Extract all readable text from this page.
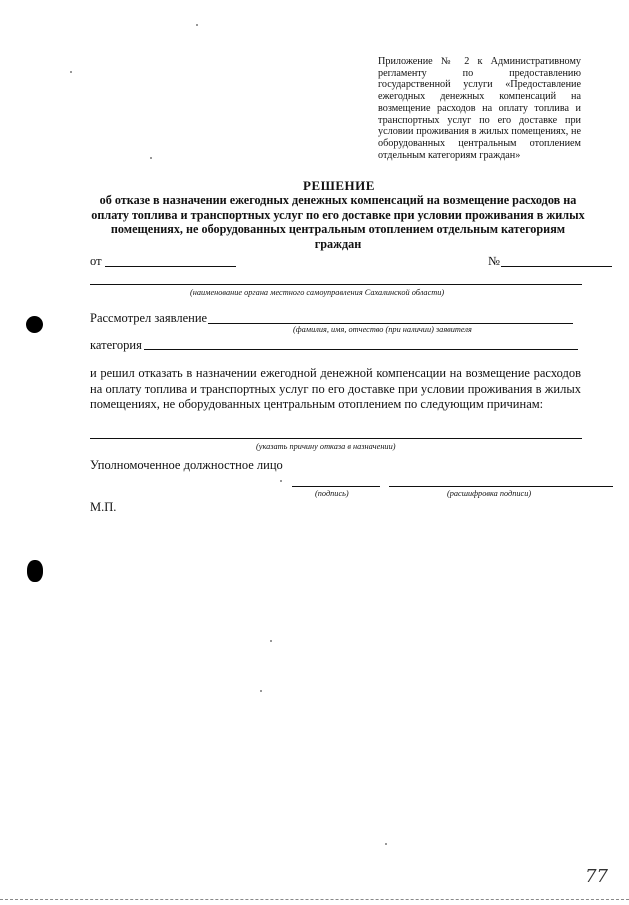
Приложение № 2 к Административному регламенту по предоставлению государственной услуги «Предоставление ежегодных денежных компенсаций на возмещение расходов на оплату топлива и транспортных услуг по его доставке при условии проживания в жилых помещениях, не оборудованных центральным отоплением отдельным категориям граждан»
РЕШЕНИЕ
об отказе в назначении ежегодных денежных компенсаций на возмещение расходов на оплату топлива и транспортных услуг по его доставке при условии проживания в жилых помещениях, не оборудованных центральным отоплением отдельным категориям граждан
от	№
(наименование органа местного самоуправления Сахалинской области)
Рассмотрел заявление
(фамилия, имя, отчество (при наличии) заявителя
категория
и решил отказать в назначении ежегодной денежной компенсации на возмещение расходов на оплату топлива и транспортных услуг по его доставке при условии проживания в жилых помещениях, не оборудованных центральным отоплением по следующим причинам:
(указать причину отказа в назначении)
Уполномоченное должностное лицо
(подпись)	(расшифровка подписи)
М.П.
77
